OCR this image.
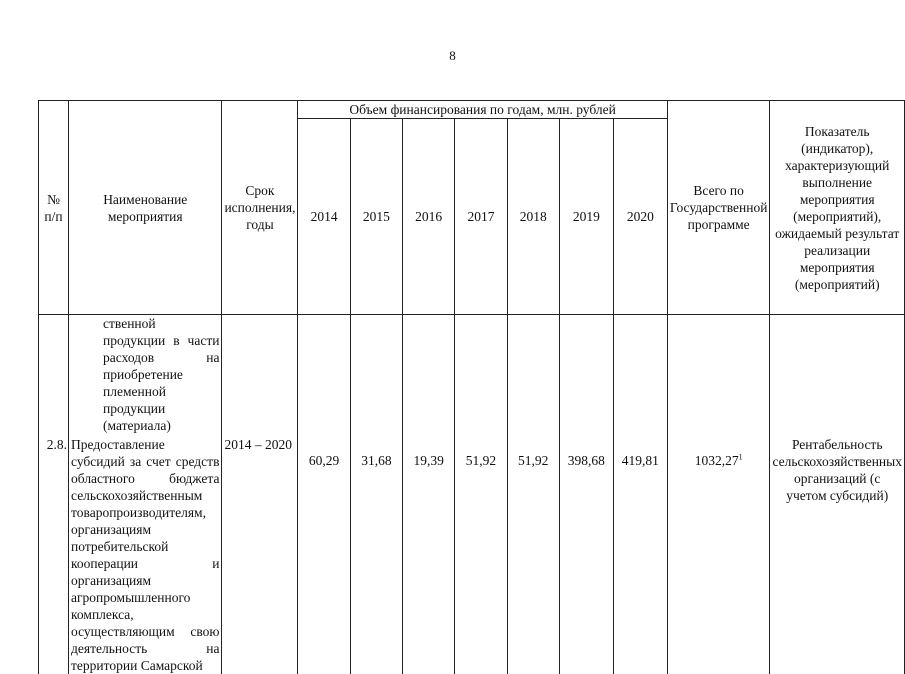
8
№ п/п	Наименование мероприятия	Срок исполнения, годы	Объем финансирования по годам, млн. рублей							Всего по Государственной программе	Показатель (индикатор), характеризующий выполнение мероприятия (мероприятий), ожидаемый результат реализации мероприятия (мероприятий)
			2014	2015	2016	2017	2018	2019	2020		
	ственной продукции в части расходов на приобретение племенной продукции (материала)										
2.8.	Предоставление субсидий за счет средств областного бюджета сельскохозяйственным товаропроизводителям, организациям потребительской кооперации и организациям агропромышленного комплекса, осуществляющим свою деятельность на территории Самарской	2014 – 2020	60,29	31,68	19,39	51,92	51,92	398,68	419,81	1032,27$^1$	Рентабельность сельскохозяйственных организаций (с учетом субсидий)
